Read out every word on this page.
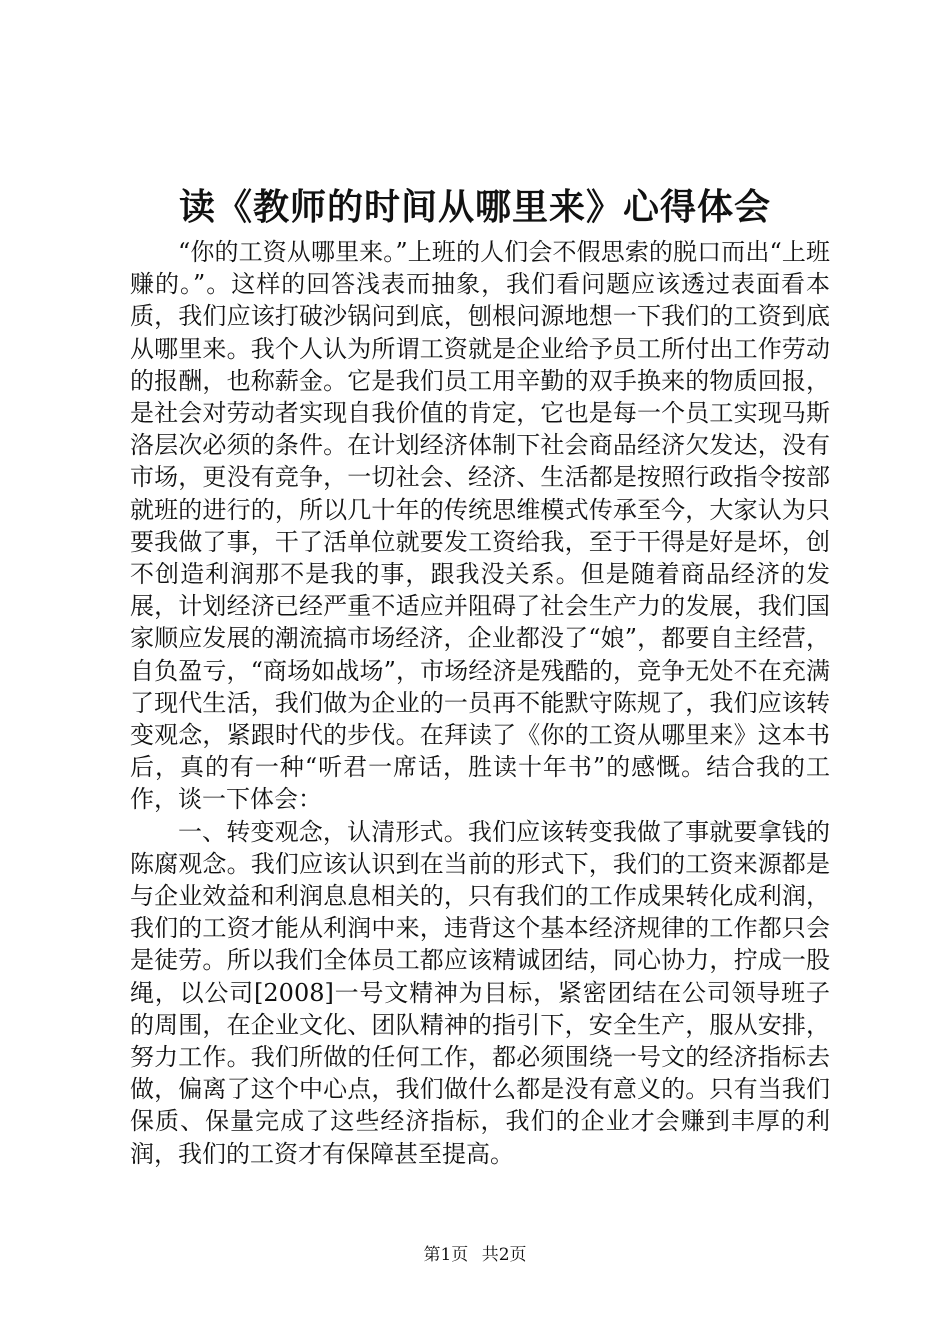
读《教师的时间从哪里来》心得体会

“你的工资从哪里来。”上班的人们会不假思索的脱口而出“上班赚的。”。这样的回答浅表而抽象，我们看问题应该透过表面看本质，我们应该打破沙锅问到底，刨根问源地想一下我们的工资到底从哪里来。我个人认为所谓工资就是企业给予员工所付出工作劳动的报酬，也称薪金。它是我们员工用辛勤的双手换来的物质回报，是社会对劳动者实现自我价值的肯定，它也是每一个员工实现马斯洛层次必须的条件。在计划经济体制下社会商品经济欠发达，没有市场，更没有竞争，一切社会、经济、生活都是按照行政指令按部就班的进行的，所以几十年的传统思维模式传承至今，大家认为只要我做了事，干了活单位就要发工资给我，至于干得是好是坏，创不创造利润那不是我的事，跟我没关系。但是随着商品经济的发展，计划经济已经严重不适应并阻碍了社会生产力的发展，我们国家顺应发展的潮流搞市场经济，企业都没了“娘”，都要自主经营，自负盈亏，“商场如战场”，市场经济是残酷的，竞争无处不在充满了现代生活，我们做为企业的一员再不能默守陈规了，我们应该转变观念，紧跟时代的步伐。在拜读了《你的工资从哪里来》这本书后，真的有一种“听君一席话，胜读十年书”的感慨。结合我的工作，谈一下体会：

一、转变观念，认清形式。我们应该转变我做了事就要拿钱的陈腐观念。我们应该认识到在当前的形式下，我们的工资来源都是与企业效益和利润息息相关的，只有我们的工作成果转化成利润，我们的工资才能从利润中来，违背这个基本经济规律的工作都只会是徒劳。所以我们全体员工都应该精诚团结，同心协力，拧成一股绳，以公司[2008]一号文精神为目标，紧密团结在公司领导班子的周围，在企业文化、团队精神的指引下，安全生产，服从安排，努力工作。我们所做的任何工作，都必须围绕一号文的经济指标去做，偏离了这个中心点，我们做什么都是没有意义的。只有当我们保质、保量完成了这些经济指标，我们的企业才会赚到丰厚的利润，我们的工资才有保障甚至提高。

第1页 共2页
